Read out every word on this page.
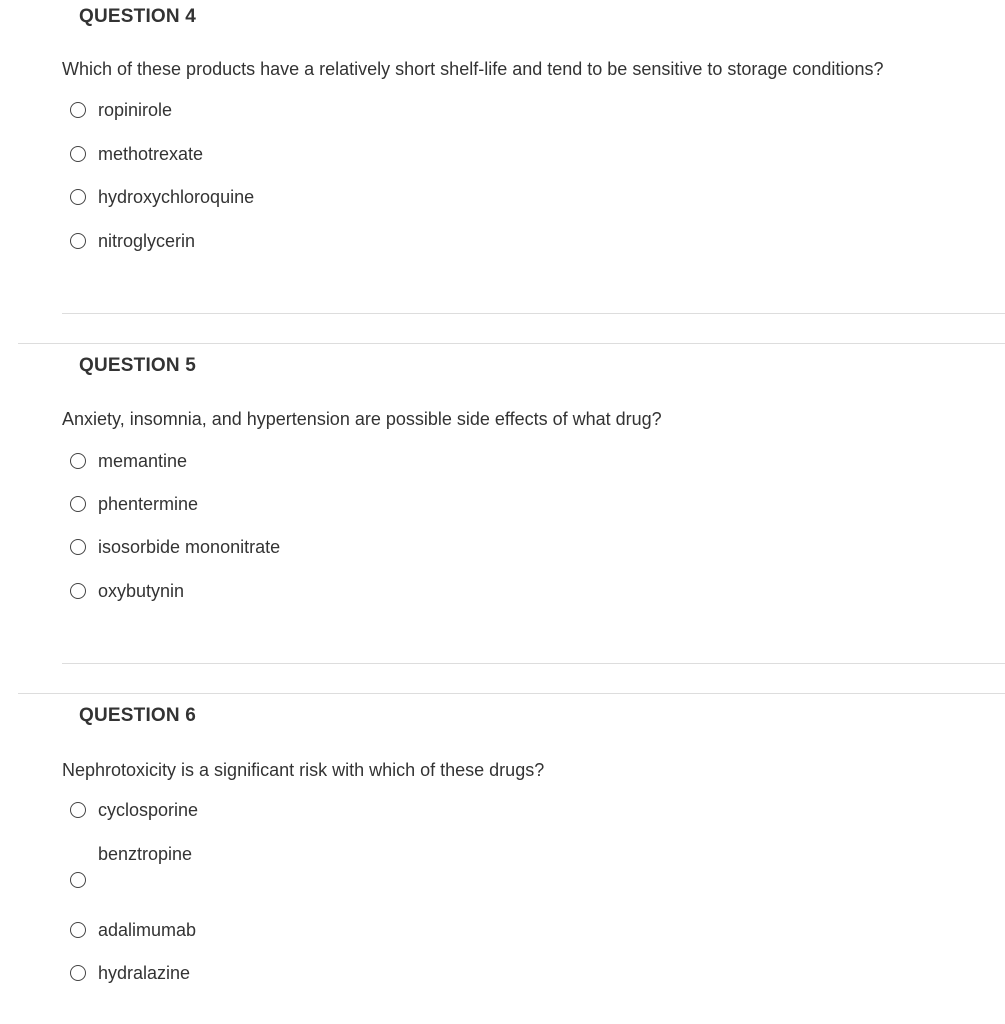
QUESTION 4
Which of these products have a relatively short shelf-life and tend to be sensitive to storage conditions?
ropinirole
methotrexate
hydroxychloroquine
nitroglycerin
QUESTION 5
Anxiety, insomnia, and hypertension are possible side effects of what drug?
memantine
phentermine
isosorbide mononitrate
oxybutynin
QUESTION 6
Nephrotoxicity is a significant risk with which of these drugs?
cyclosporine
benztropine
adalimumab
hydralazine
